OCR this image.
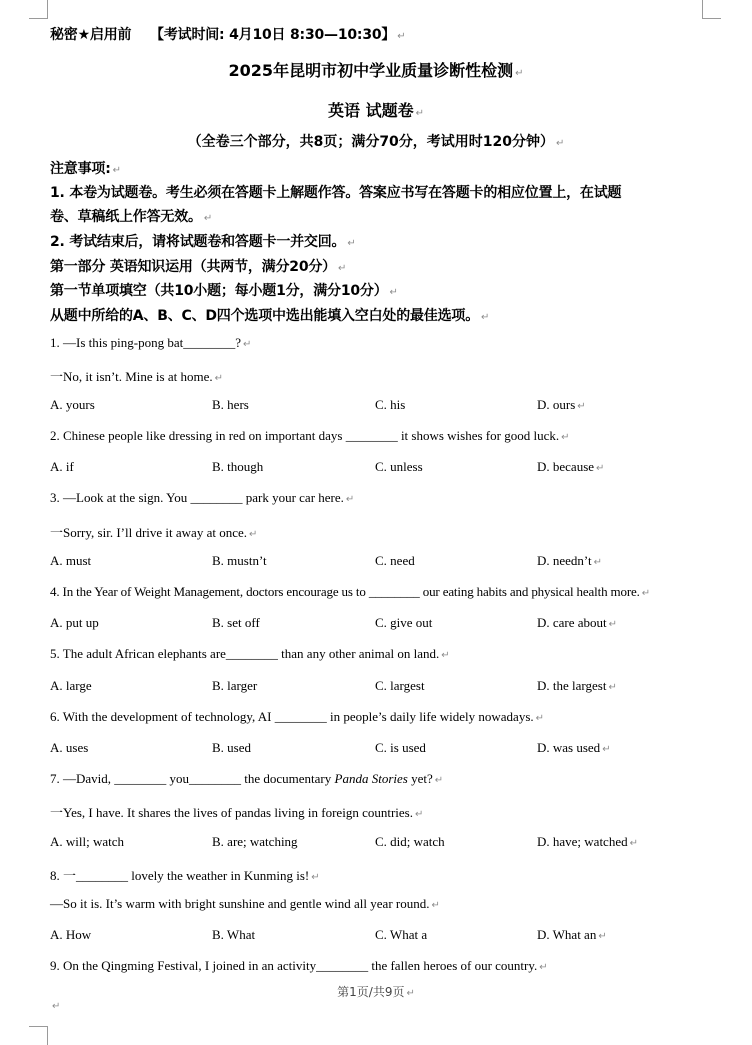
秘密★启用前 【考试时间: 4月10日 8:30—10:30】 ↵
2025年昆明市初中学业质量诊断性检测 ↵
英语 试题卷 ↵
（全卷三个部分，共8页；满分70分，考试用时120分钟） ↵
注意事项: ↵
1. 本卷为试题卷。考生必须在答题卡上解题作答。答案应书写在答题卡的相应位置上，在试题
卷、草稿纸上作答无效。 ↵
2. 考试结束后，请将试题卷和答题卡一并交回。 ↵
第一部分 英语知识运用（共两节，满分20分） ↵
第一节单项填空（共10小题；每小题1分，满分10分） ↵
从题中所给的A、B、C、D四个选项中选出能填入空白处的最佳选项。 ↵
1. —Is this ping-pong bat________? ↵
一No, it isn’t. Mine is at home. ↵
A. yours	B. hers	C. his	D. ours ↵
2. Chinese people like dressing in red on important days ________ it shows wishes for good luck. ↵
A. if	B. though	C. unless	D. because ↵
3. —Look at the sign. You ________ park your car here. ↵
一Sorry, sir. I’ll drive it away at once. ↵
A. must	B. mustn’t	C. need	D. needn’t ↵
4. In the Year of Weight Management, doctors encourage us to ________ our eating habits and physical health more. ↵
A. put up	B. set off	C. give out	D. care about ↵
5. The adult African elephants are________ than any other animal on land. ↵
A. large	B. larger	C. largest	D. the largest ↵
6. With the development of technology, AI ________ in people’s daily life widely nowadays. ↵
A. uses	B. used	C. is used	D. was used ↵
7. —David, ________ you________ the documentary Panda Stories yet? ↵
一Yes, I have. It shares the lives of pandas living in foreign countries. ↵
A. will; watch	B. are; watching	C. did; watch	D. have; watched ↵
8. 一________ lovely the weather in Kunming is! ↵
—So it is. It’s warm with bright sunshine and gentle wind all year round. ↵
A. How	B. What	C. What a	D. What an ↵
9. On the Qingming Festival, I joined in an activity________ the fallen heroes of our country. ↵
第1页/共9页 ↵
↵
